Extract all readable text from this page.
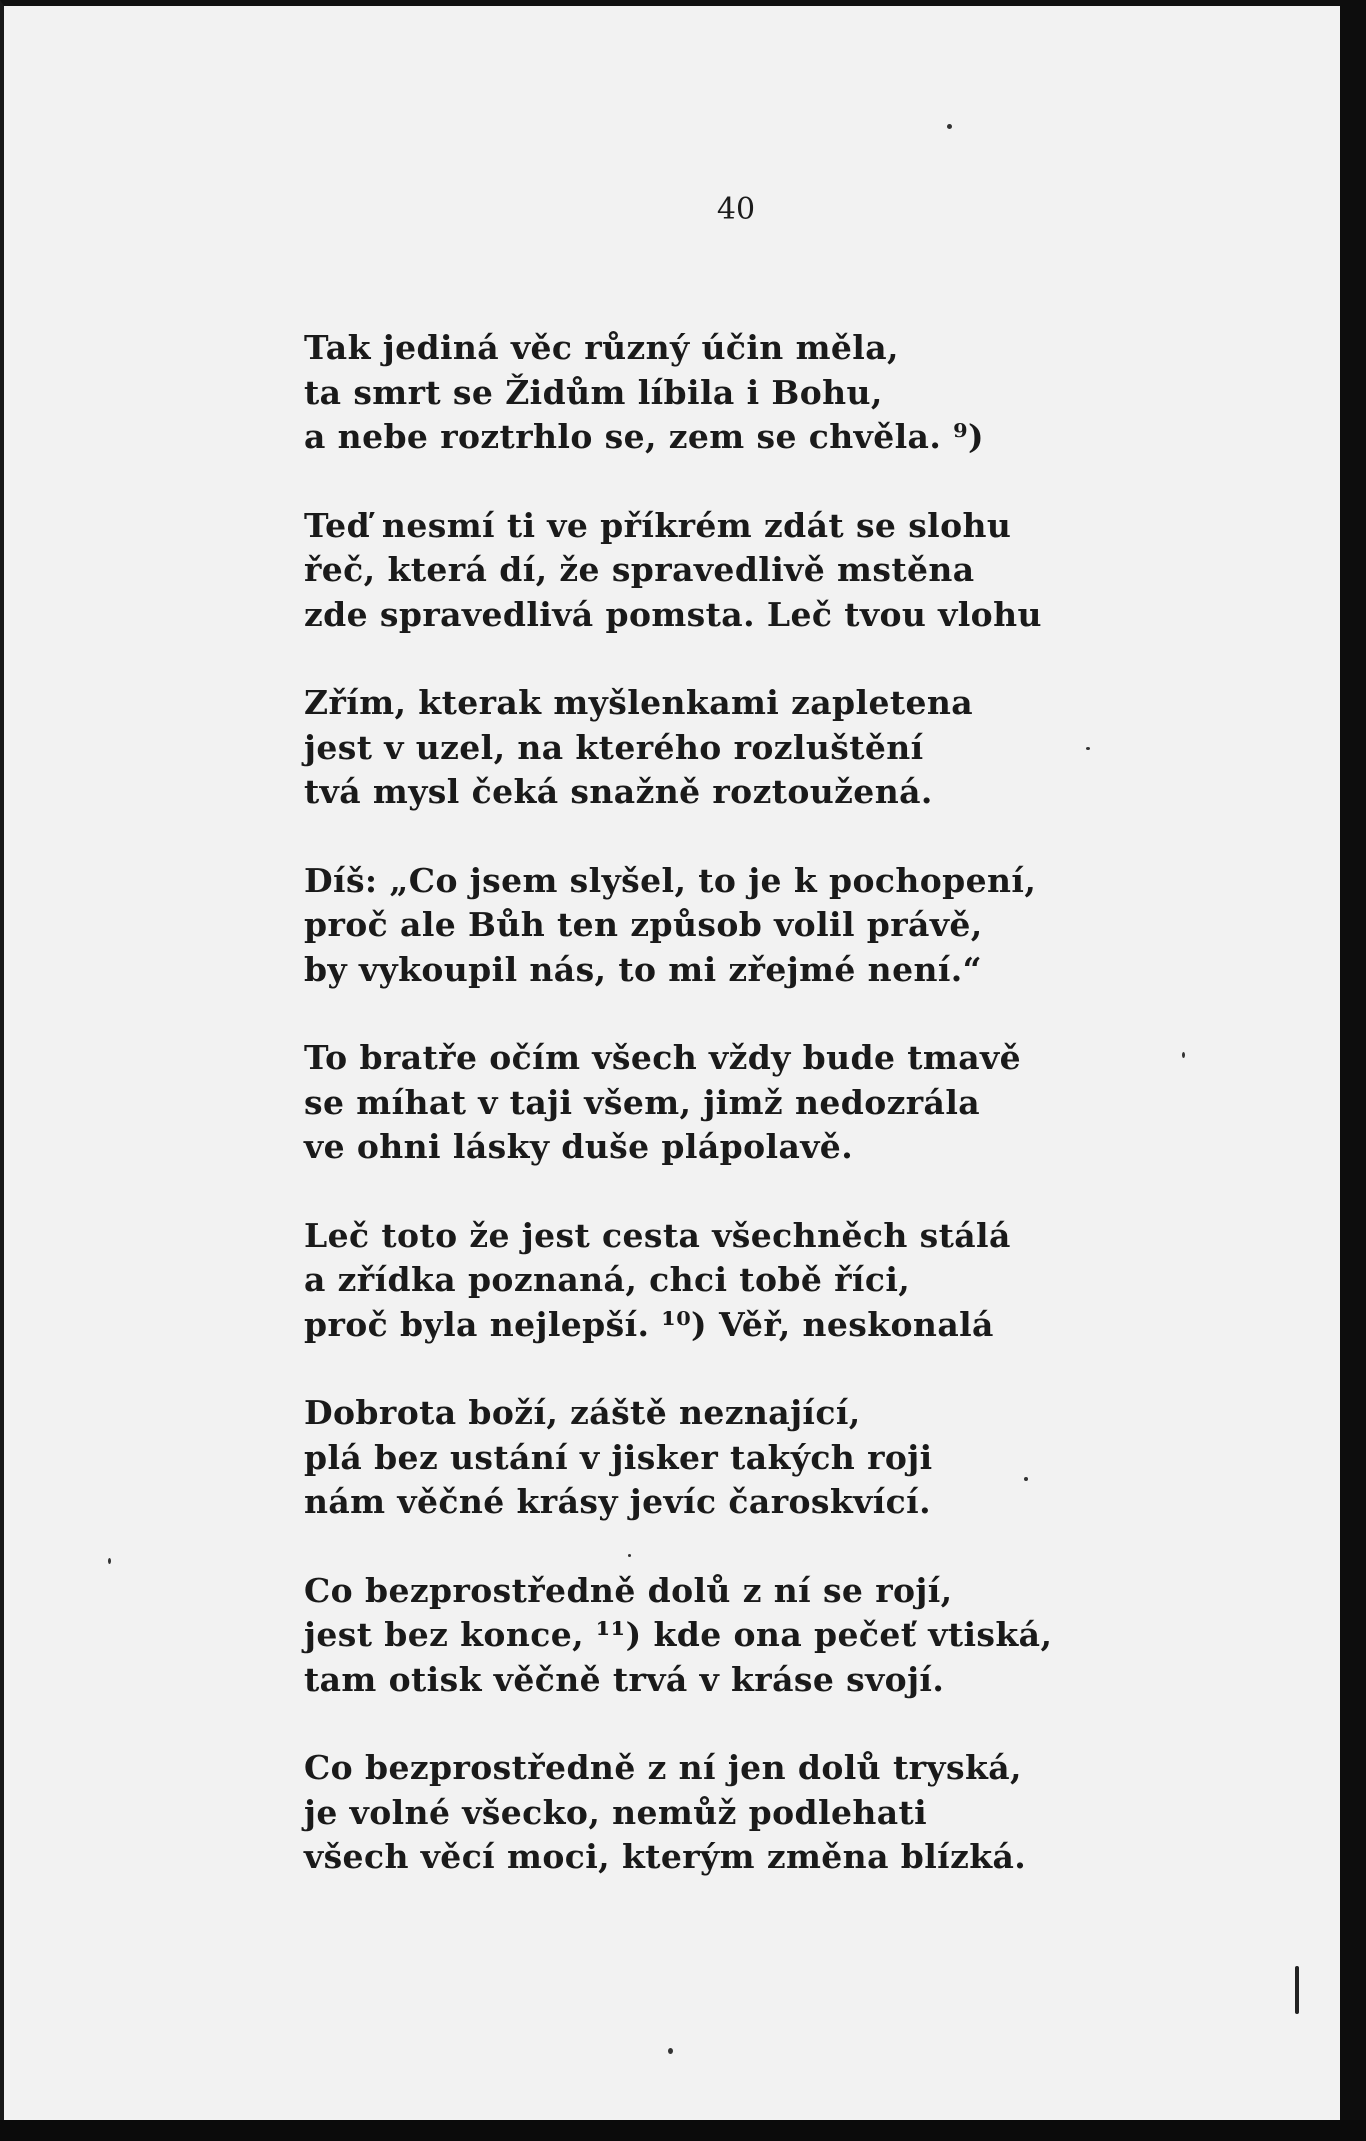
40
Tak jediná věc různý účin měla,
ta smrt se Židům líbila i Bohu,
a nebe roztrhlo se, zem se chvěla. ⁹)
Teď nesmí ti ve příkrém zdát se slohu
řeč, která dí, že spravedlivě mstěna
zde spravedlivá pomsta. Leč tvou vlohu
Zřím, kterak myšlenkami zapletena
jest v uzel, na kterého rozluštění
tvá mysl čeká snažně roztoužená.
Díš: „Co jsem slyšel, to je k pochopení,
proč ale Bůh ten způsob volil právě,
by vykoupil nás, to mi zřejmé není.“
To bratře očím všech vždy bude tmavě
se míhat v taji všem, jimž nedozrála
ve ohni lásky duše plápolavě.
Leč toto že jest cesta všechněch stálá
a zřídka poznaná, chci tobě říci,
proč byla nejlepší. ¹⁰) Věř, neskonalá
Dobrota boží, záště neznající,
plá bez ustání v jisker takých roji
nám věčné krásy jevíc čaroskvící.
Co bezprostředně dolů z ní se rojí,
jest bez konce, ¹¹) kde ona pečeť vtiská,
tam otisk věčně trvá v kráse svojí.
Co bezprostředně z ní jen dolů tryská,
je volné všecko, nemůž podlehati
všech věcí moci, kterým změna blízká.
